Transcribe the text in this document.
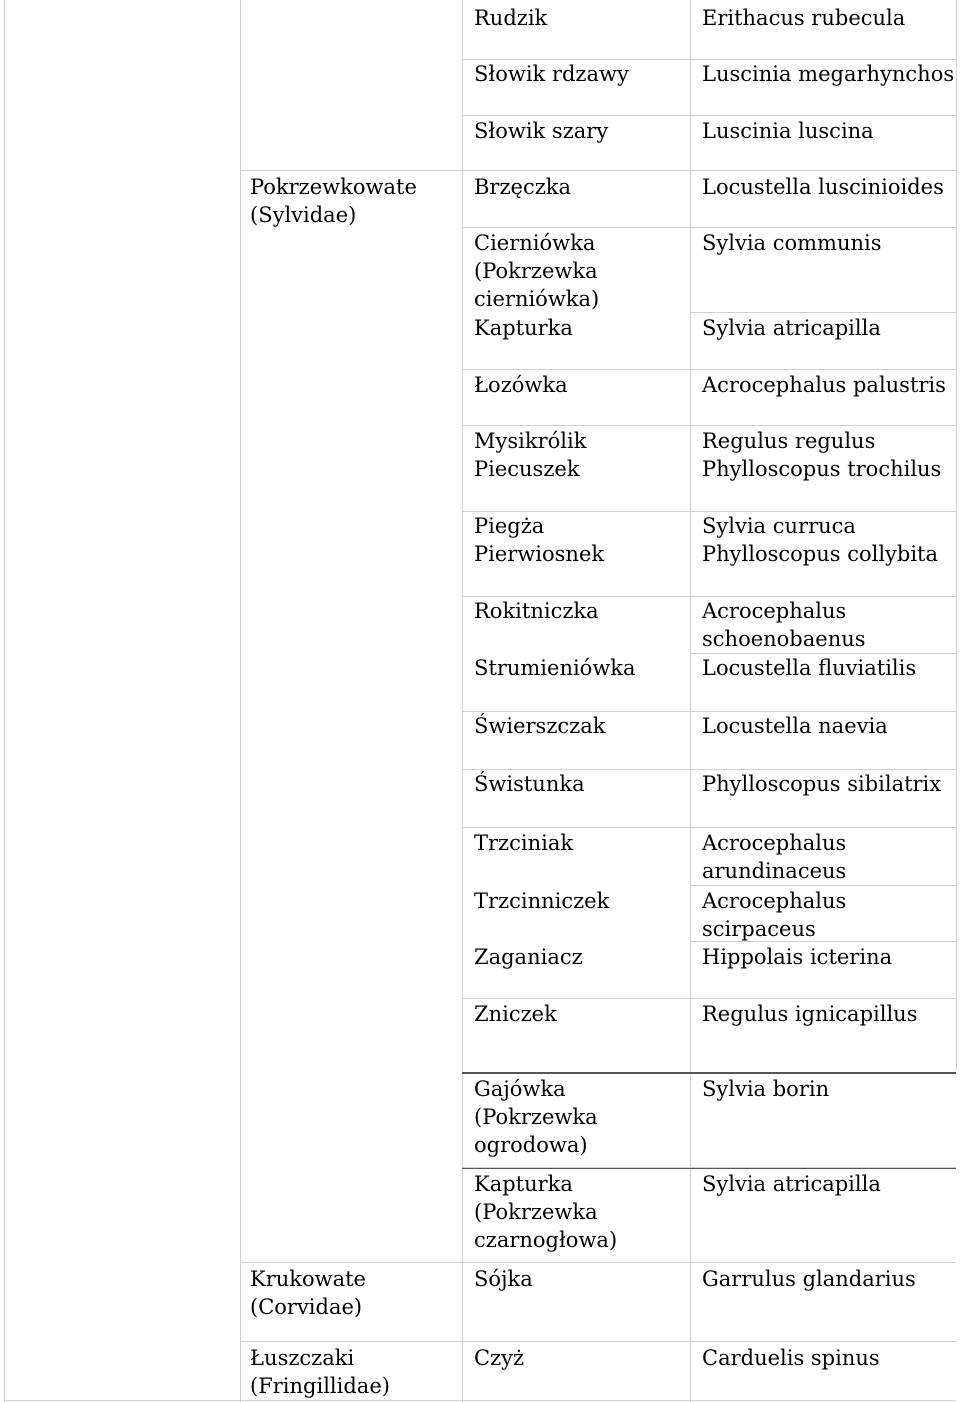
Pokrzewkowate
(Sylvidae)
Krukowate
(Corvidae)
Łuszczaki
(Fringillidae)
Rudzik
Słowik rdzawy
Słowik szary
Brzęczka
Cierniówka
(Pokrzewka
cierniówka)
Kapturka
Łozówka
Mysikrólik
Piecuszek
Piegża
Pierwiosnek
Rokitniczka
Strumieniówka
Świerszczak
Świstunka
Trzciniak
Trzcinniczek
Zaganiacz
Zniczek
Gajówka
(Pokrzewka
ogrodowa)
Kapturka
(Pokrzewka
czarnogłowa)
Sójka
Czyż
Erithacus rubecula
Luscinia megarhynchos
Luscinia luscina
Locustella luscinioides
Sylvia communis
Sylvia atricapilla
Acrocephalus palustris
Regulus regulus
Phylloscopus trochilus
Sylvia curruca
Phylloscopus collybita
Acrocephalus
schoenobaenus
Locustella fluviatilis
Locustella naevia
Phylloscopus sibilatrix
Acrocephalus
arundinaceus
Acrocephalus
scirpaceus
Hippolais icterina
Regulus ignicapillus
Sylvia borin
Sylvia atricapilla
Garrulus glandarius
Carduelis spinus
